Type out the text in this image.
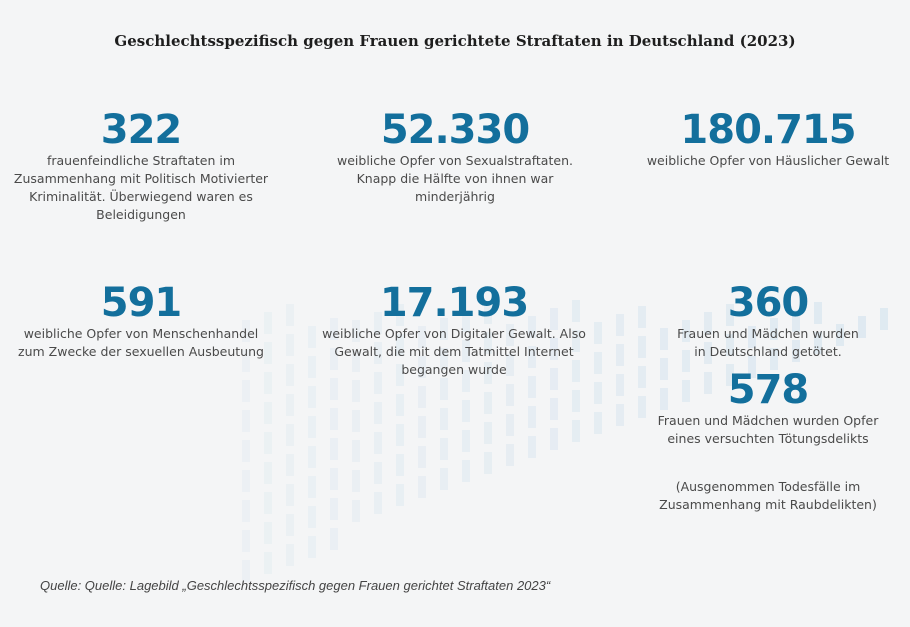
Geschlechtsspezifisch gegen Frauen gerichtete Straftaten in Deutschland (2023)
322
frauenfeindliche Straftaten im Zusammenhang mit Politisch Motivierter Kriminalität. Überwiegend waren es Beleidigungen
52.330
weibliche Opfer von Sexualstraftaten. Knapp die Hälfte von ihnen war minderjährig
180.715
weibliche Opfer von Häuslicher Gewalt
591
weibliche Opfer von Menschenhandel zum Zwecke der sexuellen Ausbeutung
17.193
weibliche Opfer von Digitaler Gewalt. Also Gewalt, die mit dem Tatmittel Internet begangen wurde
360
Frauen und Mädchen wurden in Deutschland getötet.
578
Frauen und Mädchen wurden Opfer eines versuchten Tötungsdelikts
(Ausgenommen Todesfälle im Zusammenhang mit Raubdelikten)
Quelle: Quelle: Lagebild „Geschlechtsspezifisch gegen Frauen gerichtet Straftaten 2023“
